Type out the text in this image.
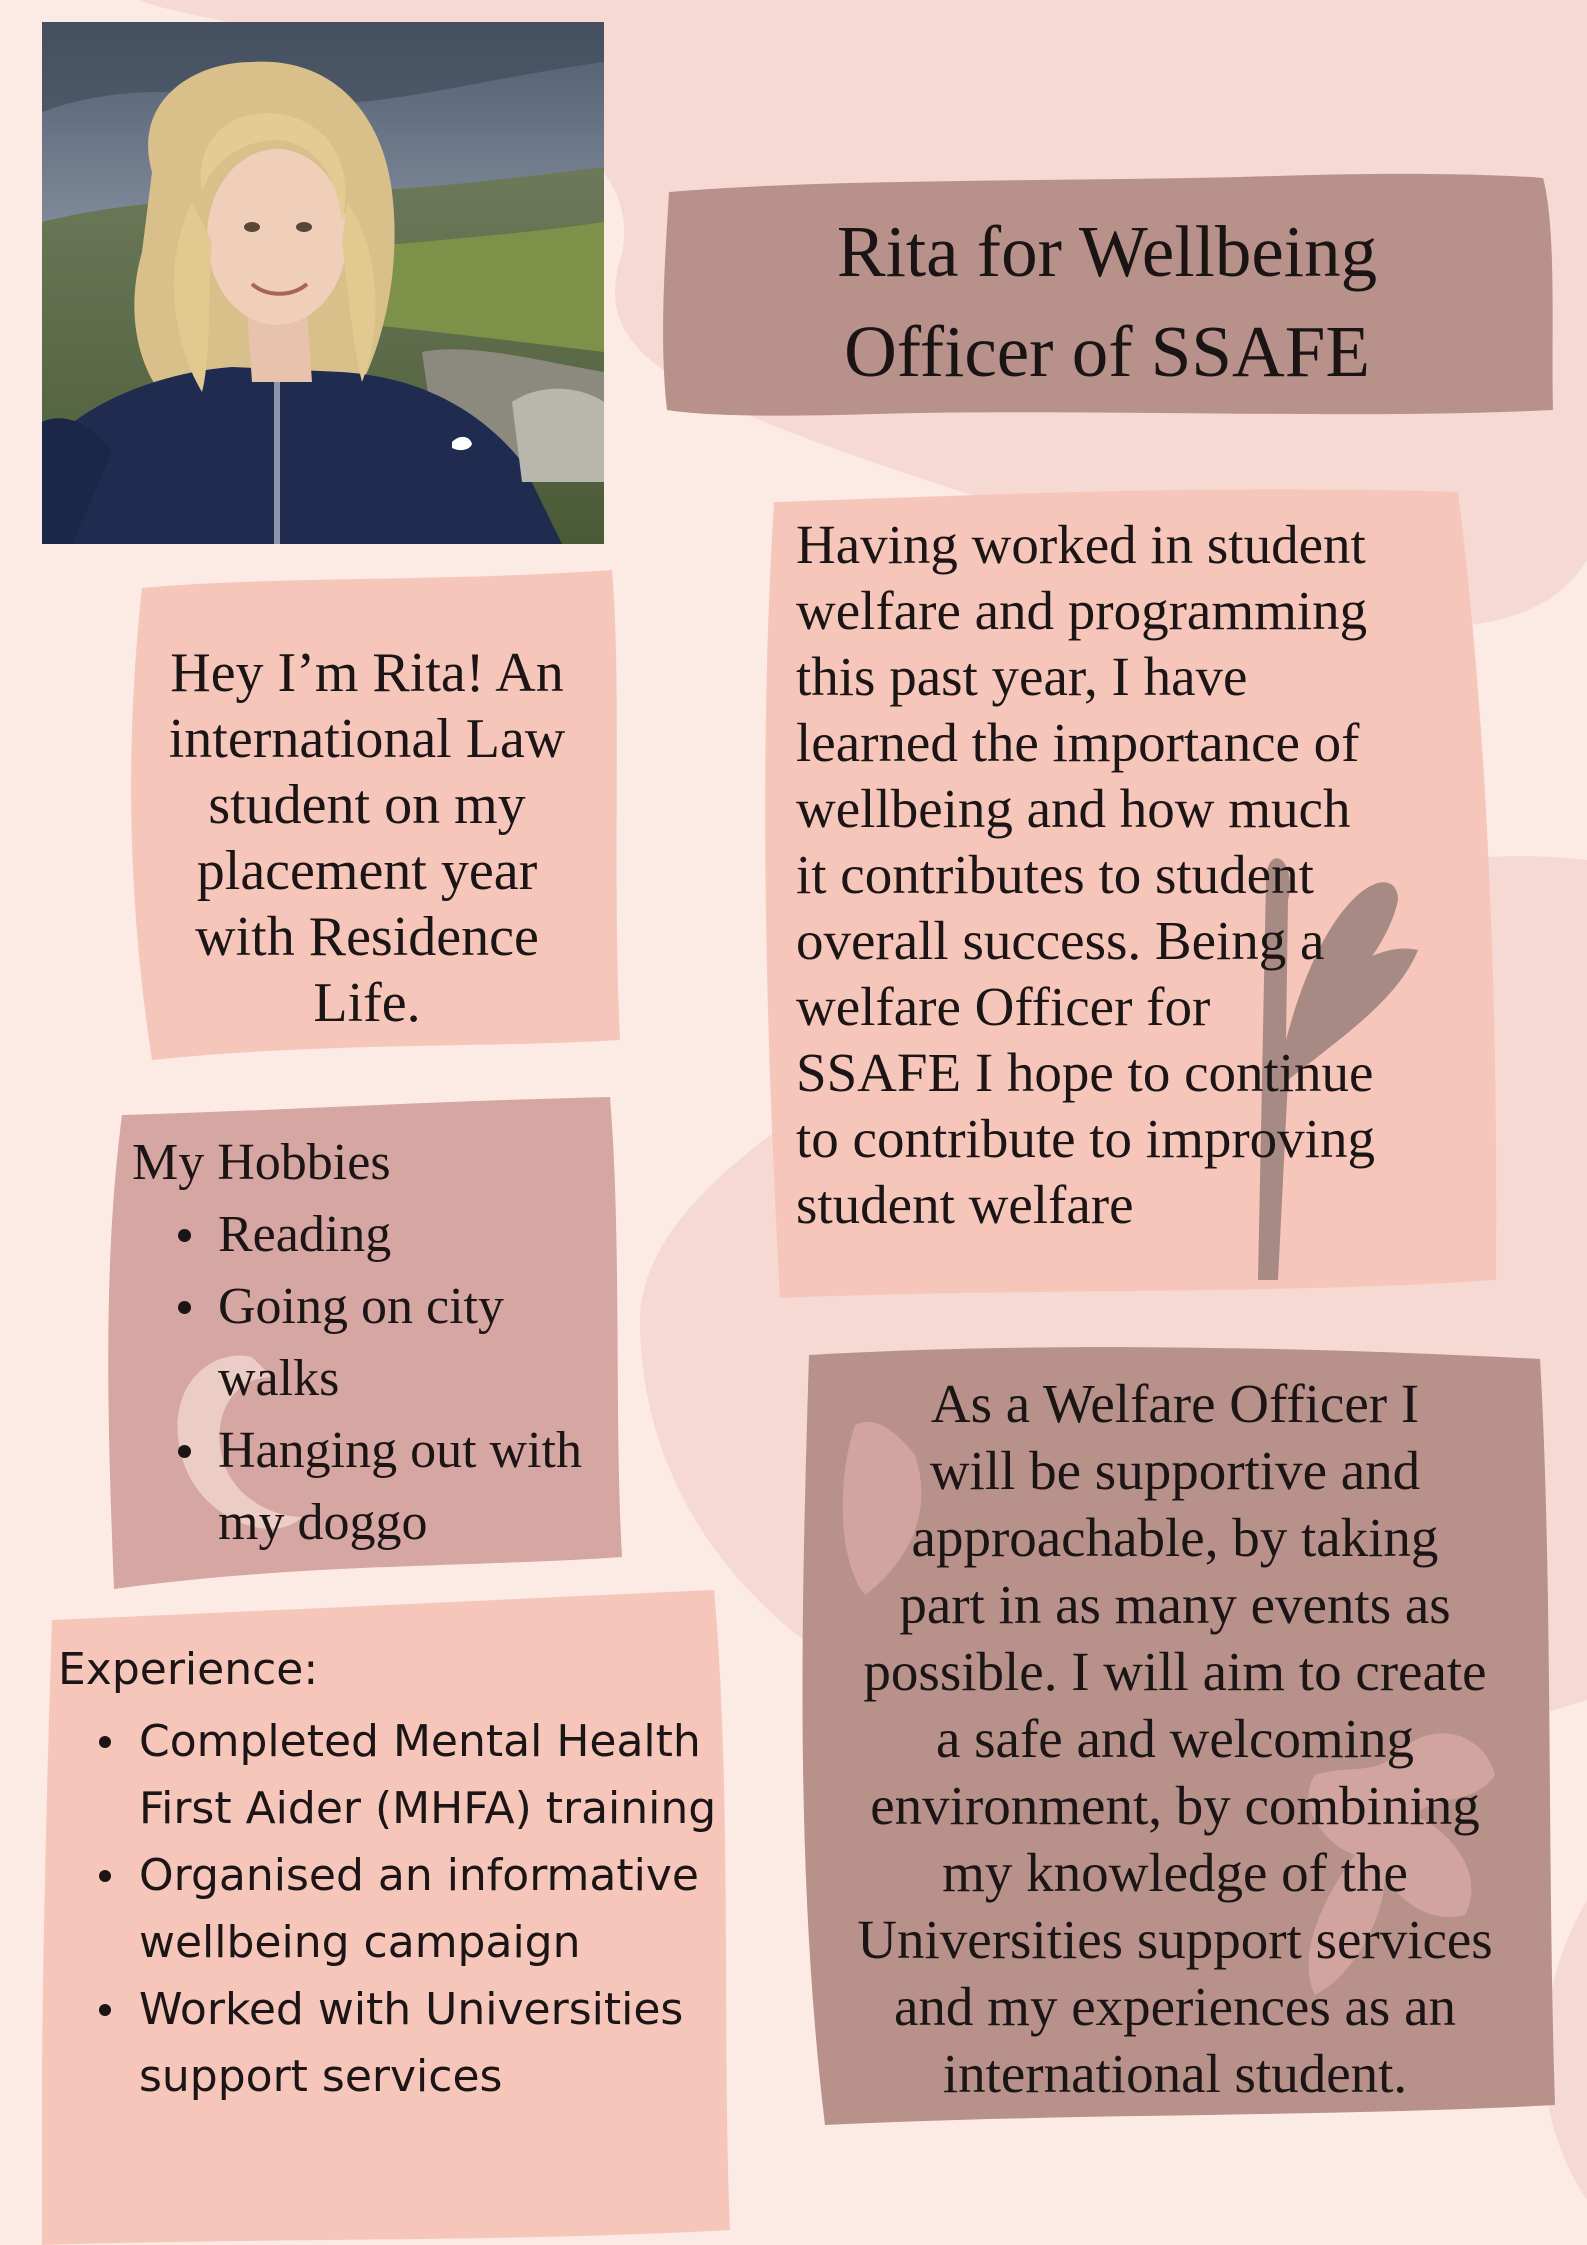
Rita for Wellbeing
Officer of SSAFE

Hey I’m Rita! An
international Law
student on my
placement year
with Residence
Life.

My Hobbies
Reading
Going on city walks
Hanging out with my doggo
Experience:
Completed Mental Health First Aider (MHFA) training
Organised an informative wellbeing campaign
Worked with Universities support services

Having worked in student
welfare and programming
this past year, I have
learned the importance of
wellbeing and how much
it contributes to student
overall success. Being a
welfare Officer for
SSAFE I hope to continue
to contribute to improving
student welfare

As a Welfare Officer I
will be supportive and
approachable, by taking
part in as many events as
possible. I will aim to create
a safe and welcoming
environment, by combining
my knowledge of the
Universities support services
and my experiences as an
international student.
